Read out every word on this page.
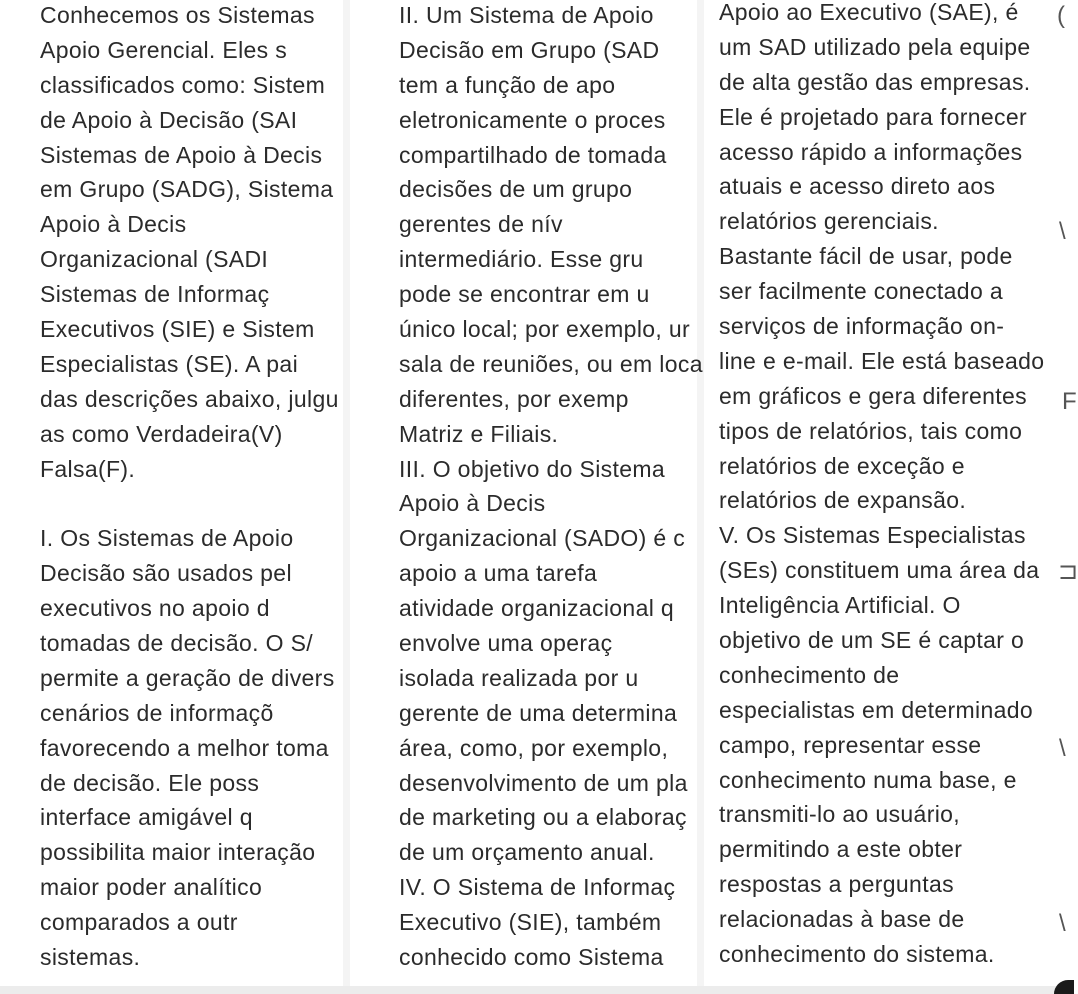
Conhecemos os Sistemas

Apoio Gerencial. Eles s

classificados como: Sistem

de Apoio à Decisão (SAI

Sistemas de Apoio à Decis

em Grupo (SADG), Sistema

Apoio à Decis

Organizacional (SADI

Sistemas de Informaç

Executivos (SIE) e Sistem

Especialistas (SE). A pai

das descrições abaixo, julgu

as como Verdadeira(V)

Falsa(F).

I. Os Sistemas de Apoio

Decisão são usados pel

executivos no apoio d

tomadas de decisão. O S/

permite a geração de divers

cenários de informaçõ

favorecendo a melhor toma

de decisão. Ele poss

interface amigável q

possibilita maior interação

maior poder analítico

comparados a outr

sistemas.

II. Um Sistema de Apoio

Decisão em Grupo (SAD

tem a função de apo

eletronicamente o proces

compartilhado de tomada

decisões de um grupo

gerentes de nív

intermediário. Esse gru

pode se encontrar em u

único local; por exemplo, ur

sala de reuniões, ou em loca

diferentes, por exemp

Matriz e Filiais.

III. O objetivo do Sistema

Apoio à Decis

Organizacional (SADO) é c

apoio a uma tarefa

atividade organizacional q

envolve uma operaç

isolada realizada por u

gerente de uma determina

área, como, por exemplo,

desenvolvimento de um pla

de marketing ou a elaboraç

de um orçamento anual.

IV. O Sistema de Informaç

Executivo (SIE), também

conhecido como Sistema

Apoio ao Executivo (SAE), é

um SAD utilizado pela equipe

de alta gestão das empresas.

Ele é projetado para fornecer

acesso rápido a informações

atuais e acesso direto aos

relatórios gerenciais.

Bastante fácil de usar, pode

ser facilmente conectado a

serviços de informação on-

line e e-mail. Ele está baseado

em gráficos e gera diferentes

tipos de relatórios, tais como

relatórios de exceção e

relatórios de expansão.

V. Os Sistemas Especialistas

(SEs) constituem uma área da

Inteligência Artificial. O

objetivo de um SE é captar o

conhecimento de

especialistas em determinado

campo, representar esse

conhecimento numa base, e

transmiti-lo ao usuário,

permitindo a este obter

respostas a perguntas

relacionadas à base de

conhecimento do sistema.

(
\
F
⊐
\
\
